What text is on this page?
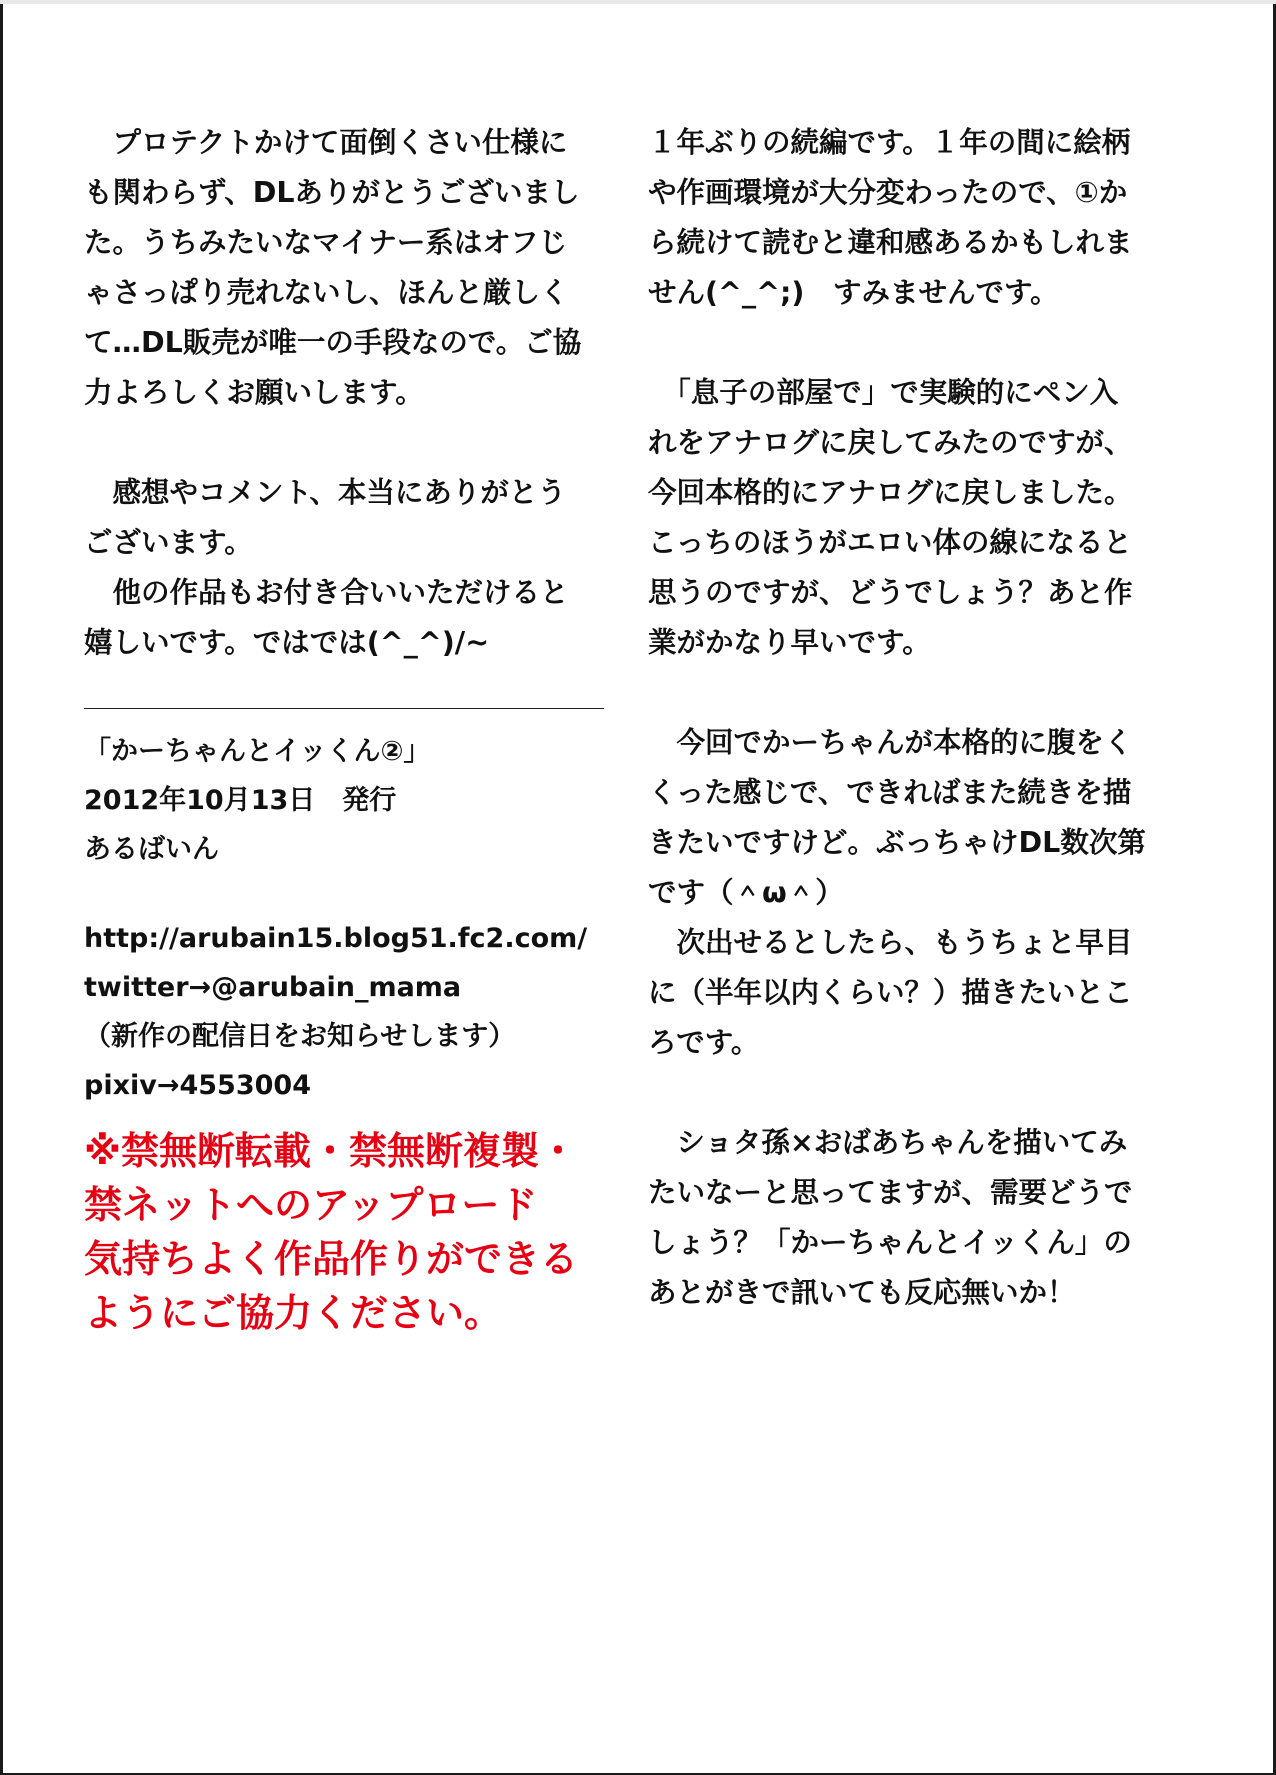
　プロテクトかけて面倒くさい仕様に

も関わらず、DLありがとうございまし

た。うちみたいなマイナー系はオフじ

ゃさっぱり売れないし、ほんと厳しく

て…DL販売が唯一の手段なので。ご協

力よろしくお願いします。

　感想やコメント、本当にありがとう

ございます。

　他の作品もお付き合いいただけると

嬉しいです。ではでは(^_^)/~

「かーちゃんとイッくん②」

2012年10月13日　発行

あるばいん

http://arubain15.blog51.fc2.com/

twitter→@arubain_mama

（新作の配信日をお知らせします）

pixiv→4553004

※禁無断転載・禁無断複製・

禁ネットへのアップロード

気持ちよく作品作りができる

ようにご協力ください。

１年ぶりの続編です。１年の間に絵柄

や作画環境が大分変わったので、①か

ら続けて読むと違和感あるかもしれま

せん(^_^;)　すみませんです。

　「息子の部屋で」で実験的にペン入

れをアナログに戻してみたのですが、

今回本格的にアナログに戻しました。

こっちのほうがエロい体の線になると

思うのですが、どうでしょう？あと作

業がかなり早いです。

　今回でかーちゃんが本格的に腹をく

くった感じで、できればまた続きを描

きたいですけど。ぶっちゃけDL数次第

です（＾ω＾）

　次出せるとしたら、もうちょと早目

に（半年以内くらい？）描きたいとこ

ろです。

　ショタ孫×おばあちゃんを描いてみ

たいなーと思ってますが、需要どうで

しょう？「かーちゃんとイッくん」の

あとがきで訊いても反応無いか！
